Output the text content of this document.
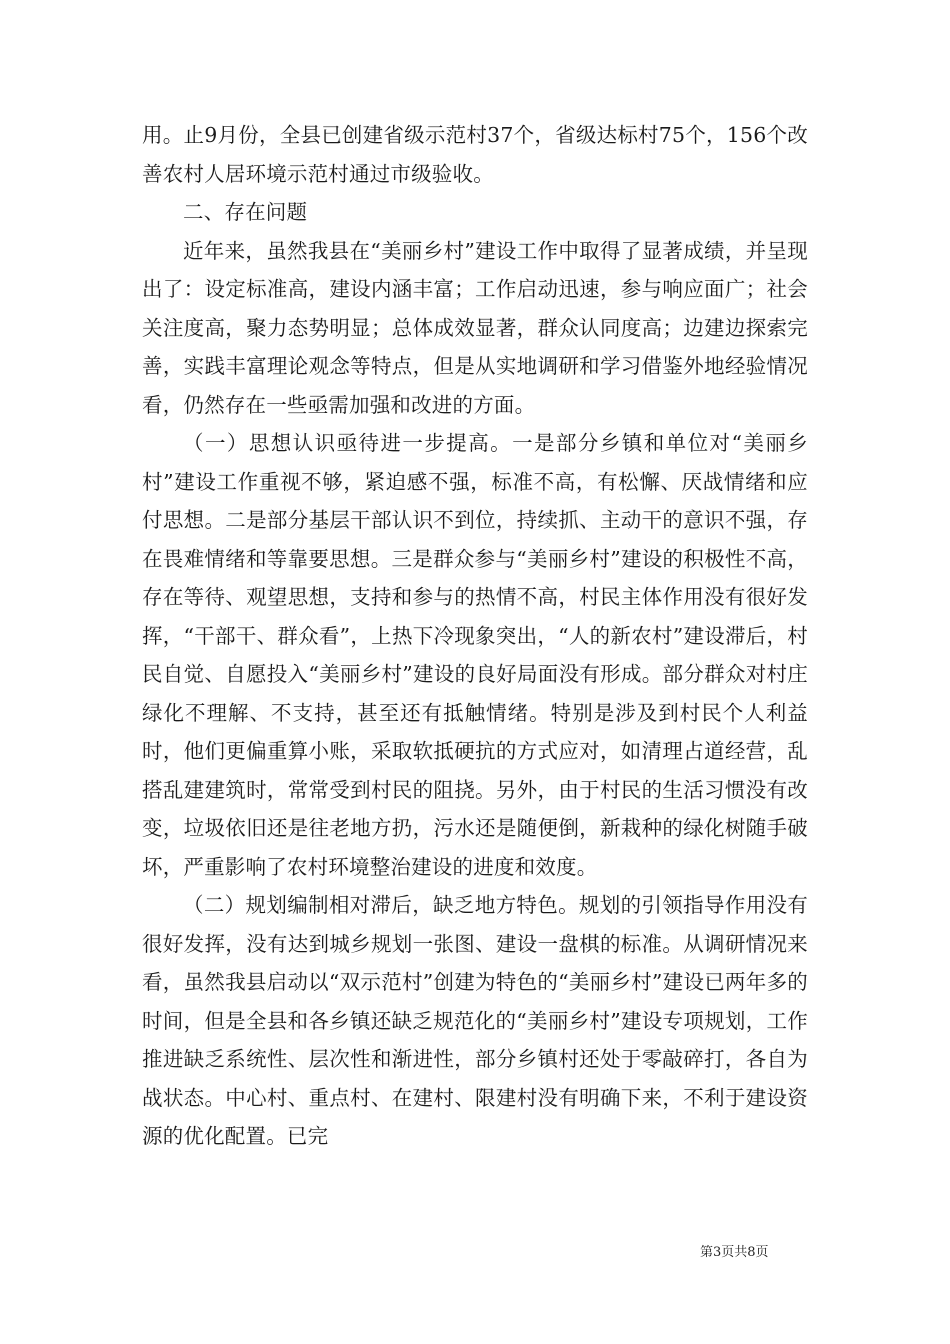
用。止9月份，全县已创建省级示范村37个，省级达标村75个，156个改善农村人居环境示范村通过市级验收。

二、存在问题

近年来，虽然我县在“美丽乡村”建设工作中取得了显著成绩，并呈现出了：设定标准高，建设内涵丰富；工作启动迅速，参与响应面广；社会关注度高，聚力态势明显；总体成效显著，群众认同度高；边建边探索完善，实践丰富理论观念等特点，但是从实地调研和学习借鉴外地经验情况看，仍然存在一些亟需加强和改进的方面。

（一）思想认识亟待进一步提高。一是部分乡镇和单位对“美丽乡村”建设工作重视不够，紧迫感不强，标准不高，有松懈、厌战情绪和应付思想。二是部分基层干部认识不到位，持续抓、主动干的意识不强，存在畏难情绪和等靠要思想。三是群众参与“美丽乡村”建设的积极性不高，存在等待、观望思想，支持和参与的热情不高，村民主体作用没有很好发挥，“干部干、群众看”，上热下冷现象突出，“人的新农村”建设滞后，村民自觉、自愿投入“美丽乡村”建设的良好局面没有形成。部分群众对村庄绿化不理解、不支持，甚至还有抵触情绪。特别是涉及到村民个人利益时，他们更偏重算小账，采取软抵硬抗的方式应对，如清理占道经营，乱搭乱建建筑时，常常受到村民的阻挠。另外，由于村民的生活习惯没有改变，垃圾依旧还是往老地方扔，污水还是随便倒，新栽种的绿化树随手破坏，严重影响了农村环境整治建设的进度和效度。

（二）规划编制相对滞后，缺乏地方特色。规划的引领指导作用没有很好发挥，没有达到城乡规划一张图、建设一盘棋的标准。从调研情况来看，虽然我县启动以“双示范村”创建为特色的“美丽乡村”建设已两年多的时间，但是全县和各乡镇还缺乏规范化的“美丽乡村”建设专项规划，工作推进缺乏系统性、层次性和渐进性，部分乡镇村还处于零敲碎打，各自为战状态。中心村、重点村、在建村、限建村没有明确下来，不利于建设资源的优化配置。已完

第3页共8页
